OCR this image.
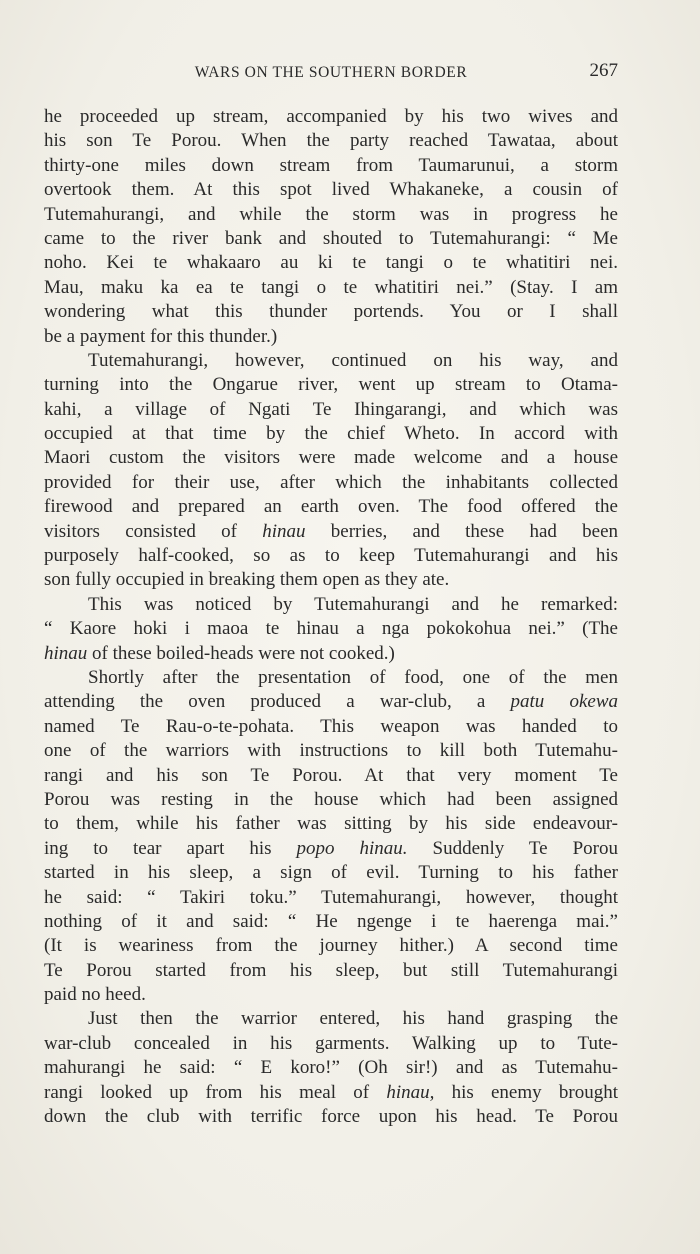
WARS ON THE SOUTHERN BORDER	267
he proceeded up stream, accompanied by his two wives and
his son Te Porou. When the party reached Tawataa, about
thirty-one miles down stream from Taumarunui, a storm
overtook them. At this spot lived Whakaneke, a cousin of
Tutemahurangi, and while the storm was in progress he
came to the river bank and shouted to Tutemahurangi: “ Me
noho. Kei te whakaaro au ki te tangi o te whatitiri nei.
Mau, maku ka ea te tangi o te whatitiri nei.” (Stay. I am
wondering what this thunder portends. You or I shall
be a payment for this thunder.)
Tutemahurangi, however, continued on his way, and
turning into the Ongarue river, went up stream to Otama-
kahi, a village of Ngati Te Ihingarangi, and which was
occupied at that time by the chief Wheto. In accord with
Maori custom the visitors were made welcome and a house
provided for their use, after which the inhabitants collected
firewood and prepared an earth oven. The food offered the
visitors consisted of hinau berries, and these had been
purposely half-cooked, so as to keep Tutemahurangi and his
son fully occupied in breaking them open as they ate.
This was noticed by Tutemahurangi and he remarked:
“ Kaore hoki i maoa te hinau a nga pokokohua nei.” (The
hinau of these boiled-heads were not cooked.)
Shortly after the presentation of food, one of the men
attending the oven produced a war-club, a patu okewa
named Te Rau-o-te-pohata. This weapon was handed to
one of the warriors with instructions to kill both Tutemahu-
rangi and his son Te Porou. At that very moment Te
Porou was resting in the house which had been assigned
to them, while his father was sitting by his side endeavour-
ing to tear apart his popo hinau. Suddenly Te Porou
started in his sleep, a sign of evil. Turning to his father
he said: “ Takiri toku.” Tutemahurangi, however, thought
nothing of it and said: “ He ngenge i te haerenga mai.”
(It is weariness from the journey hither.) A second time
Te Porou started from his sleep, but still Tutemahurangi
paid no heed.
Just then the warrior entered, his hand grasping the
war-club concealed in his garments. Walking up to Tute-
mahurangi he said: “ E koro!” (Oh sir!) and as Tutemahu-
rangi looked up from his meal of hinau, his enemy brought
down the club with terrific force upon his head. Te Porou
